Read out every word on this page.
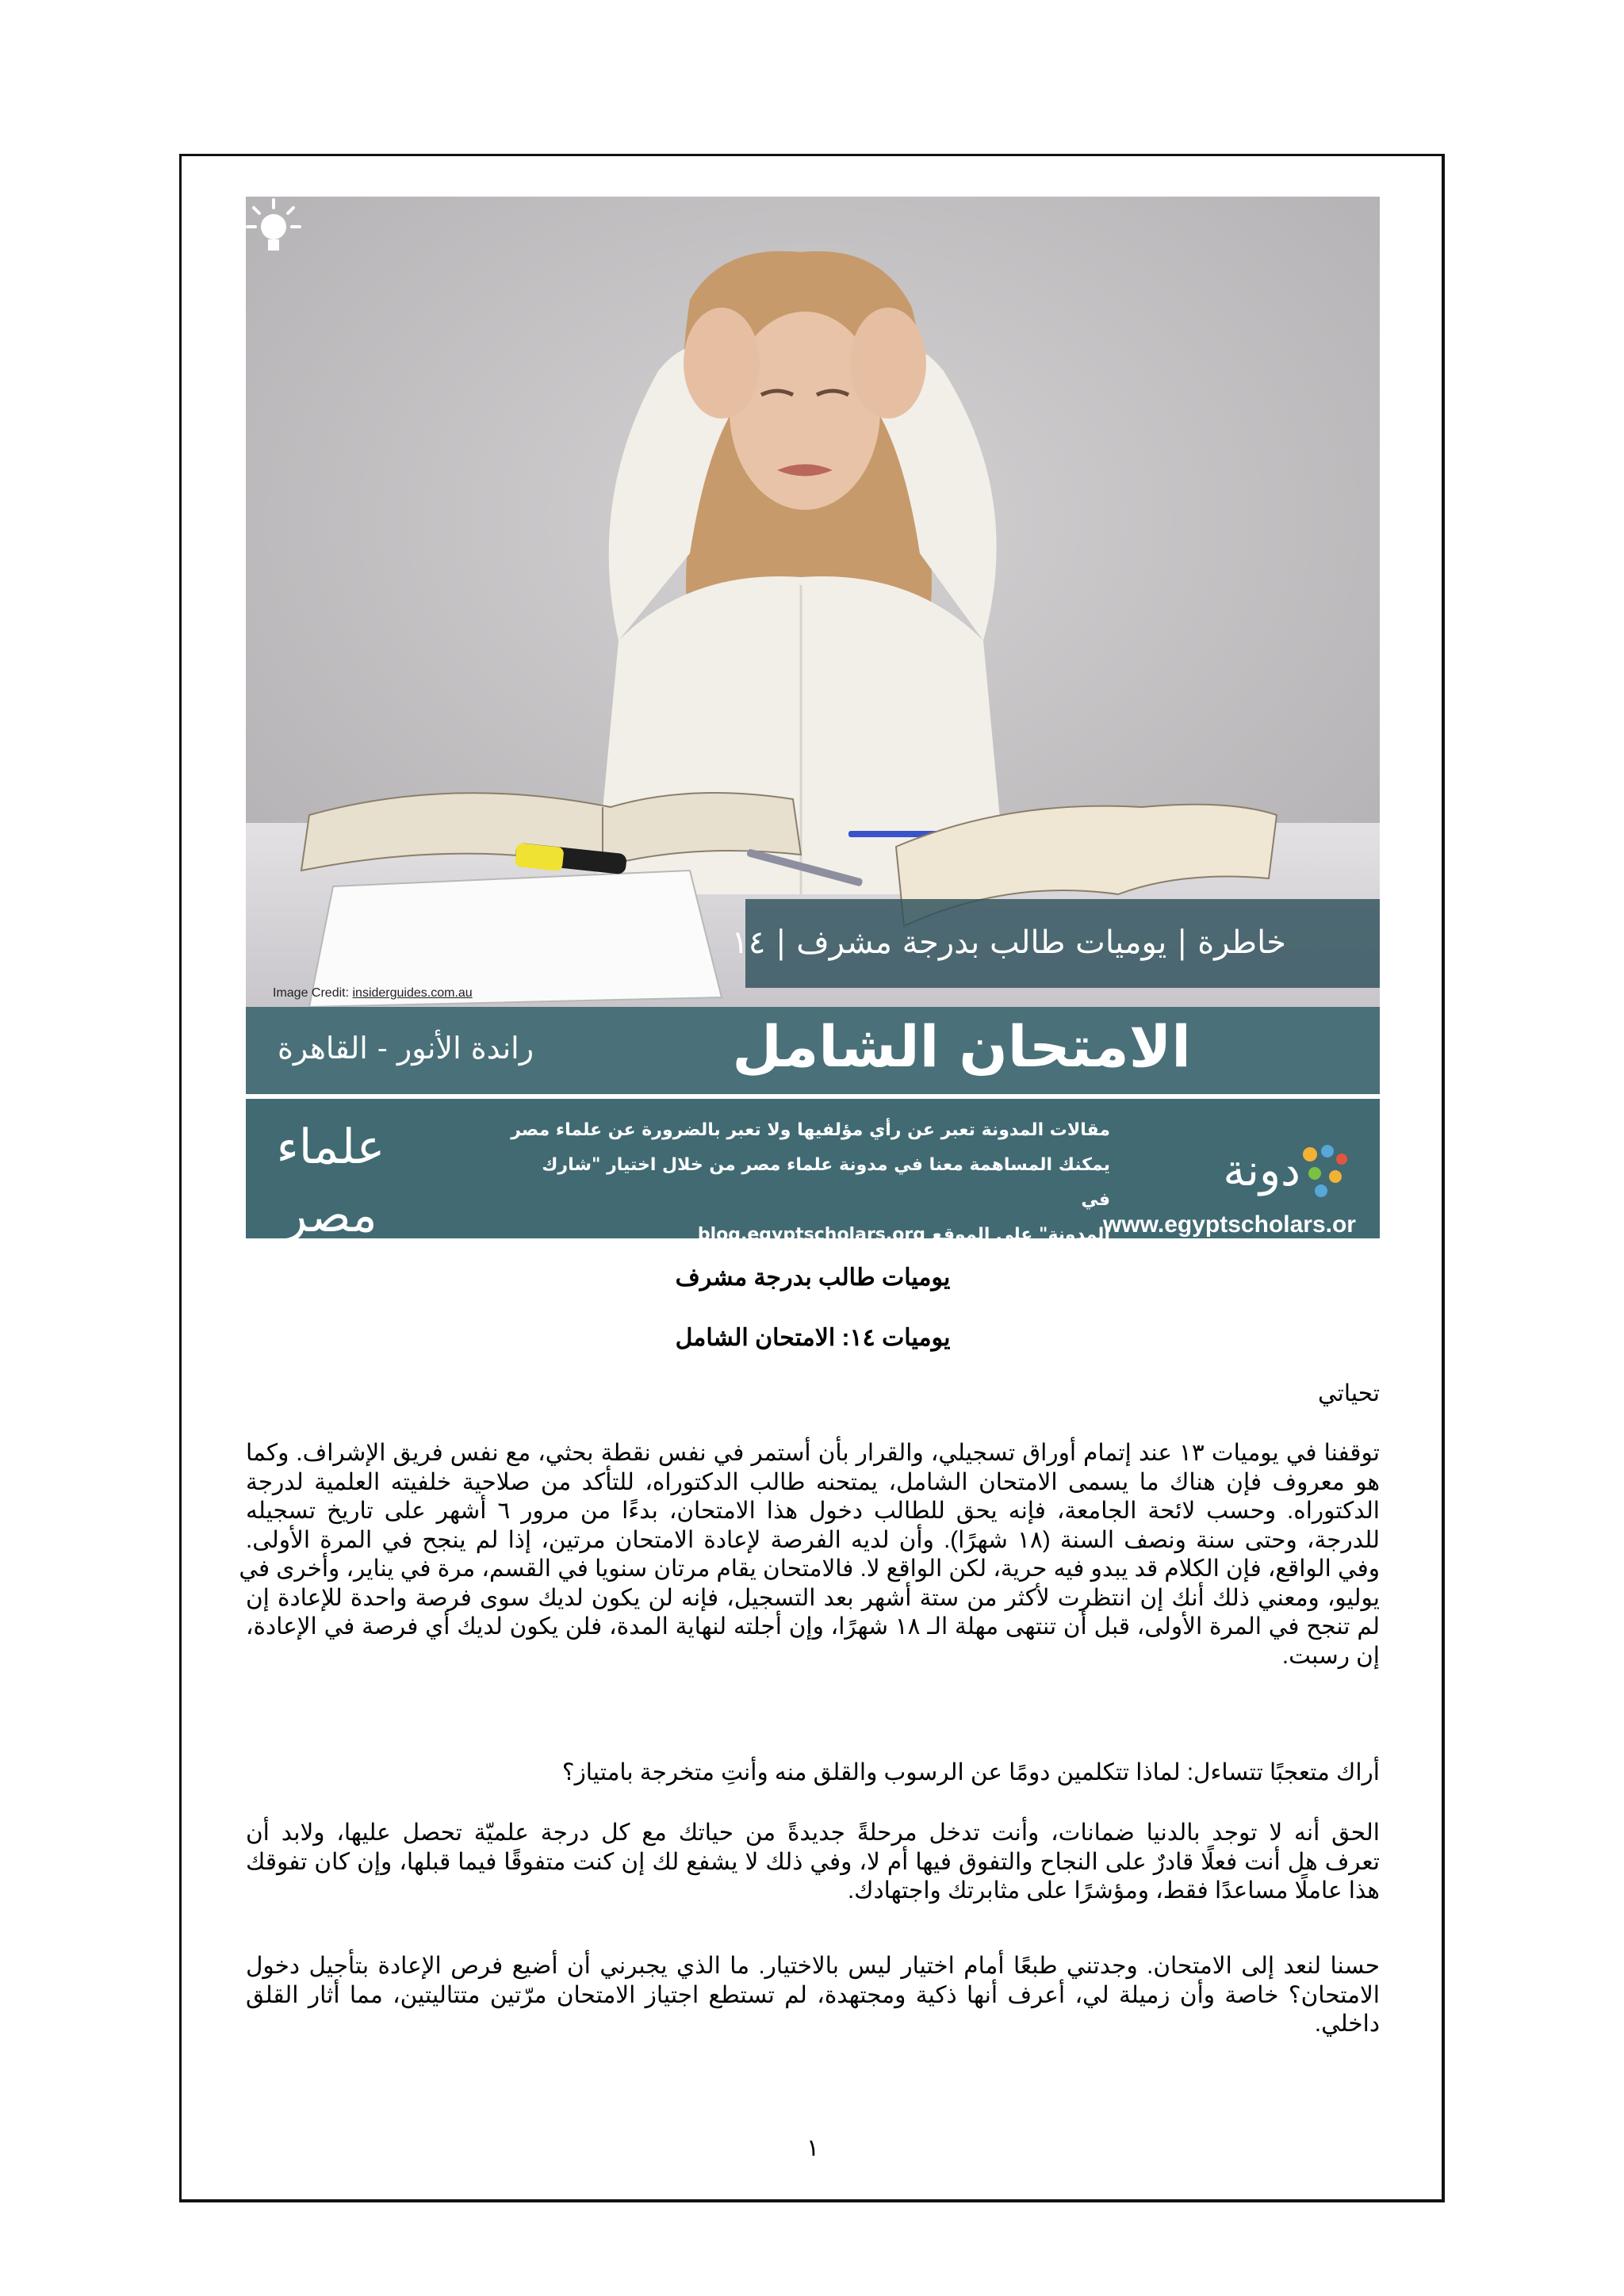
خاطرة | يوميات طالب بدرجة مشرف | ١٤
Image Credit: insiderguides.com.au
الامتحان الشامل
راندة الأنور - القاهرة
دونة
www.egyptscholars.or
مقالات المدونة تعبر عن رأي مؤلفيها ولا تعبر بالضرورة عن علماء مصر
يمكنك المساهمة معنا في مدونة علماء مصر من خلال اختيار "شارك في
المدونة" على الموقع blog.egyptscholars.org
علماء مصر
لأن كل عقل يفرق	يوميات طالب بدرجة مشرف
يوميات ١٤: الامتحان الشامل

تحياتي

توقفنا في يوميات ١٣ عند إتمام أوراق تسجيلي، والقرار بأن أستمر في نفس نقطة بحثي، مع نفس فريق الإشراف. وكما
هو معروف فإن هناك ما يسمى الامتحان الشامل، يمتحنه طالب الدكتوراه، للتأكد من صلاحية خلفيته العلمية لدرجة
الدكتوراه. وحسب لائحة الجامعة، فإنه يحق للطالب دخول هذا الامتحان، بدءًا من مرور ٦ أشهر على تاريخ تسجيله
للدرجة، وحتى سنة ونصف السنة (١٨ شهرًا). وأن لديه الفرصة لإعادة الامتحان مرتين، إذا لم ينجح في المرة الأولى.
وفي الواقع، فإن الكلام قد يبدو فيه حرية، لكن الواقع لا. فالامتحان يقام مرتان سنويا في القسم، مرة في يناير، وأخرى في
يوليو، ومعني ذلك أنك إن انتظرت لأكثر من ستة أشهر بعد التسجيل، فإنه لن يكون لديك سوى فرصة واحدة للإعادة إن
لم تنجح في المرة الأولى، قبل أن تنتهى مهلة الـ ١٨ شهرًا، وإن أجلته لنهاية المدة، فلن يكون لديك أي فرصة في الإعادة،
إن رسبت.

أراك متعجبًا تتساءل: لماذا تتكلمين دومًا عن الرسوب والقلق منه وأنتِ متخرجة بامتياز؟

الحق أنه لا توجد بالدنيا ضمانات، وأنت تدخل مرحلةً جديدةً من حياتك مع كل درجة علميّة تحصل عليها، ولابد أن
تعرف هل أنت فعلًا قادرٌ على النجاح والتفوق فيها أم لا، وفي ذلك لا يشفع لك إن كنت متفوقًا فيما قبلها، وإن كان تفوقك
هذا عاملًا مساعدًا فقط، ومؤشرًا على مثابرتك واجتهادك.

حسنا لنعد إلى الامتحان. وجدتني طبعًا أمام اختيار ليس بالاختيار. ما الذي يجبرني أن أضيع فرص الإعادة بتأجيل دخول
الامتحان؟ خاصة وأن زميلة لي، أعرف أنها ذكية ومجتهدة، لم تستطع اجتياز الامتحان مرّتين متتاليتين، مما أثار القلق
داخلي.

١
